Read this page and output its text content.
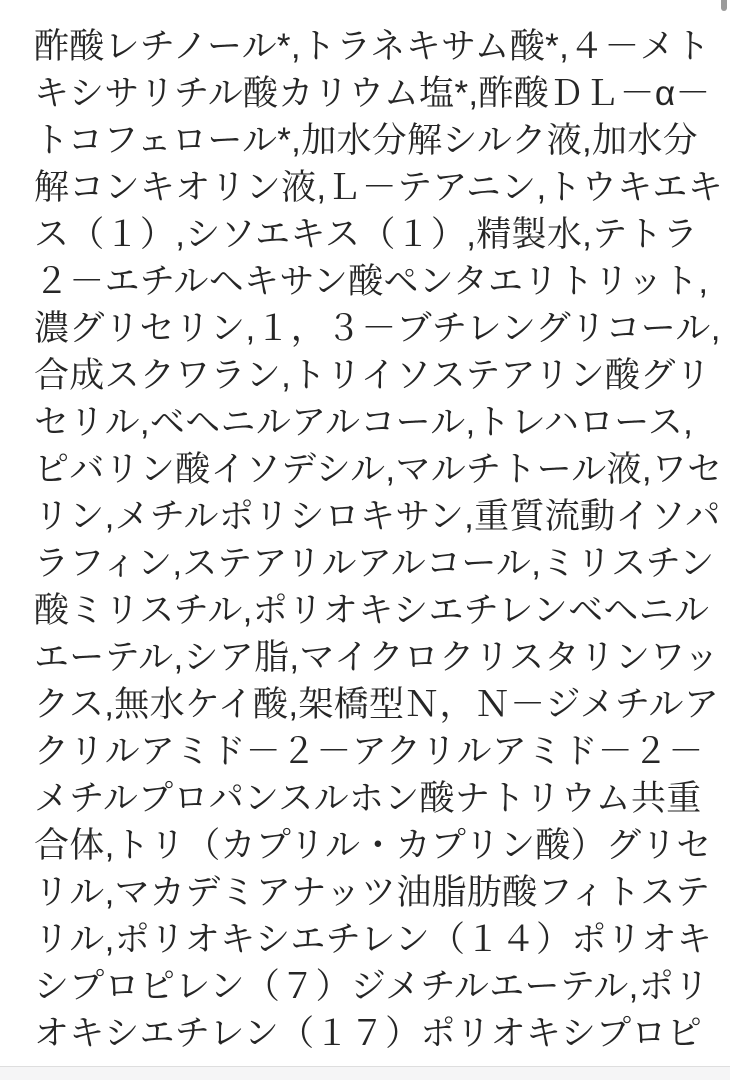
酢酸レチノール*,トラネキサム酸*,４－メト
キシサリチル酸カリウム塩*,酢酸ＤＬ－α－
トコフェロール*,加水分解シルク液,加水分
解コンキオリン液,Ｌ－テアニン,トウキエキ
ス（１）,シソエキス（１）,精製水,テトラ
２－エチルヘキサン酸ペンタエリトリット,
濃グリセリン,１，３－ブチレングリコール,
合成スクワラン,トリイソステアリン酸グリ
セリル,ベヘニルアルコール,トレハロース,
ピバリン酸イソデシル,マルチトール液,ワセ
リン,メチルポリシロキサン,重質流動イソパ
ラフィン,ステアリルアルコール,ミリスチン
酸ミリスチル,ポリオキシエチレンベヘニル
エーテル,シア脂,マイクロクリスタリンワッ
クス,無水ケイ酸,架橋型Ｎ，Ｎ－ジメチルア
クリルアミド－２－アクリルアミド－２－
メチルプロパンスルホン酸ナトリウム共重
合体,トリ（カプリル・カプリン酸）グリセ
リル,マカデミアナッツ油脂肪酸フィトステ
リル,ポリオキシエチレン（１４）ポリオキ
シプロピレン（７）ジメチルエーテル,ポリ
オキシエチレン（１７）ポリオキシプロピ
